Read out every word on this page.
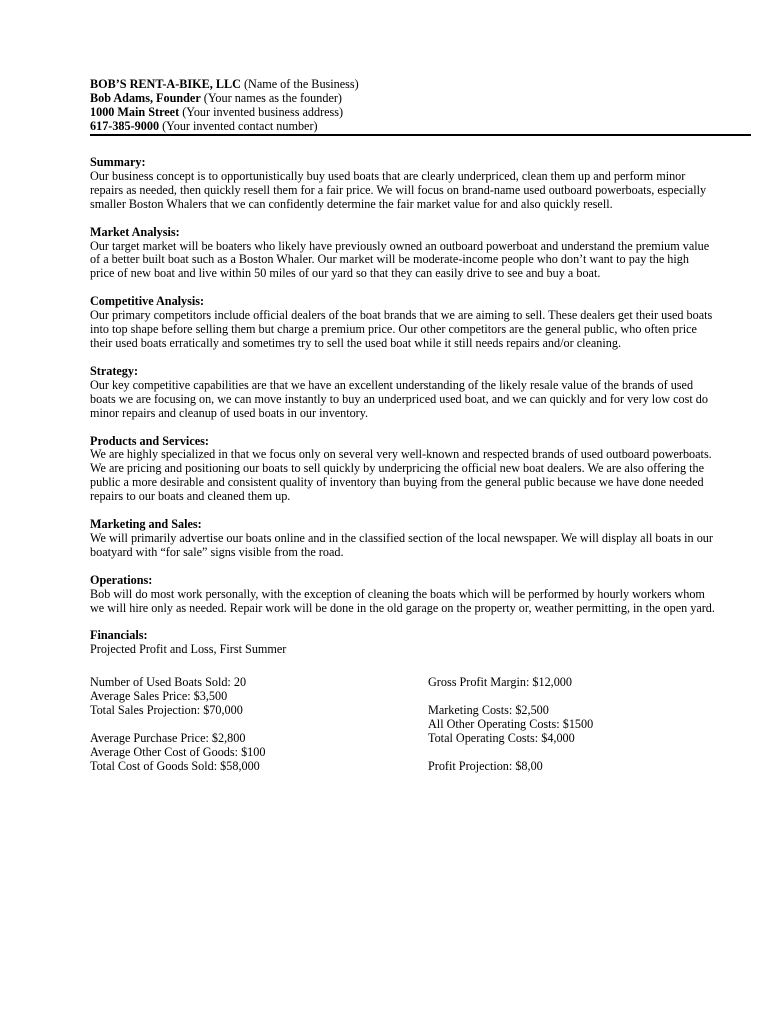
BOB’S RENT-A-BIKE, LLC (Name of the Business)
Bob Adams, Founder (Your names as the founder)
1000 Main Street (Your invented business address)
617-385-9000 (Your invented contact number)
Summary:

Our business concept is to opportunistically buy used boats that are clearly underpriced, clean them up and perform minor repairs as needed, then quickly resell them for a fair price. We will focus on brand-name used outboard powerboats, especially smaller Boston Whalers that we can confidently determine the fair market value for and also quickly resell.

Market Analysis:

Our target market will be boaters who likely have previously owned an outboard powerboat and understand the premium value of a better built boat such as a Boston Whaler. Our market will be moderate-income people who don’t want to pay the high price of new boat and live within 50 miles of our yard so that they can easily drive to see and buy a boat.

Competitive Analysis:

Our primary competitors include official dealers of the boat brands that we are aiming to sell. These dealers get their used boats into top shape before selling them but charge a premium price. Our other competitors are the general public, who often price their used boats erratically and sometimes try to sell the used boat while it still needs repairs and/or cleaning.

Strategy:

Our key competitive capabilities are that we have an excellent understanding of the likely resale value of the brands of used boats we are focusing on, we can move instantly to buy an underpriced used boat, and we can quickly and for very low cost do minor repairs and cleanup of used boats in our inventory.

Products and Services:

We are highly specialized in that we focus only on several very well-known and respected brands of used outboard powerboats. We are pricing and positioning our boats to sell quickly by underpricing the official new boat dealers. We are also offering the public a more desirable and consistent quality of inventory than buying from the general public because we have done needed repairs to our boats and cleaned them up.

Marketing and Sales:

We will primarily advertise our boats online and in the classified section of the local newspaper. We will display all boats in our boatyard with “for sale” signs visible from the road.

Operations:

Bob will do most work personally, with the exception of cleaning the boats which will be performed by hourly workers whom we will hire only as needed. Repair work will be done in the old garage on the property or, weather permitting, in the open yard.

Financials:

Projected Profit and Loss, First Summer

Number of Used Boats Sold: 20
Average Sales Price: $3,500
Total Sales Projection: $70,000
Average Purchase Price: $2,800
Average Other Cost of Goods: $100
Total Cost of Goods Sold: $58,000
Gross Profit Margin: $12,000
Marketing Costs: $2,500
All Other Operating Costs: $1500
Total Operating Costs: $4,000
Profit Projection: $8,00
